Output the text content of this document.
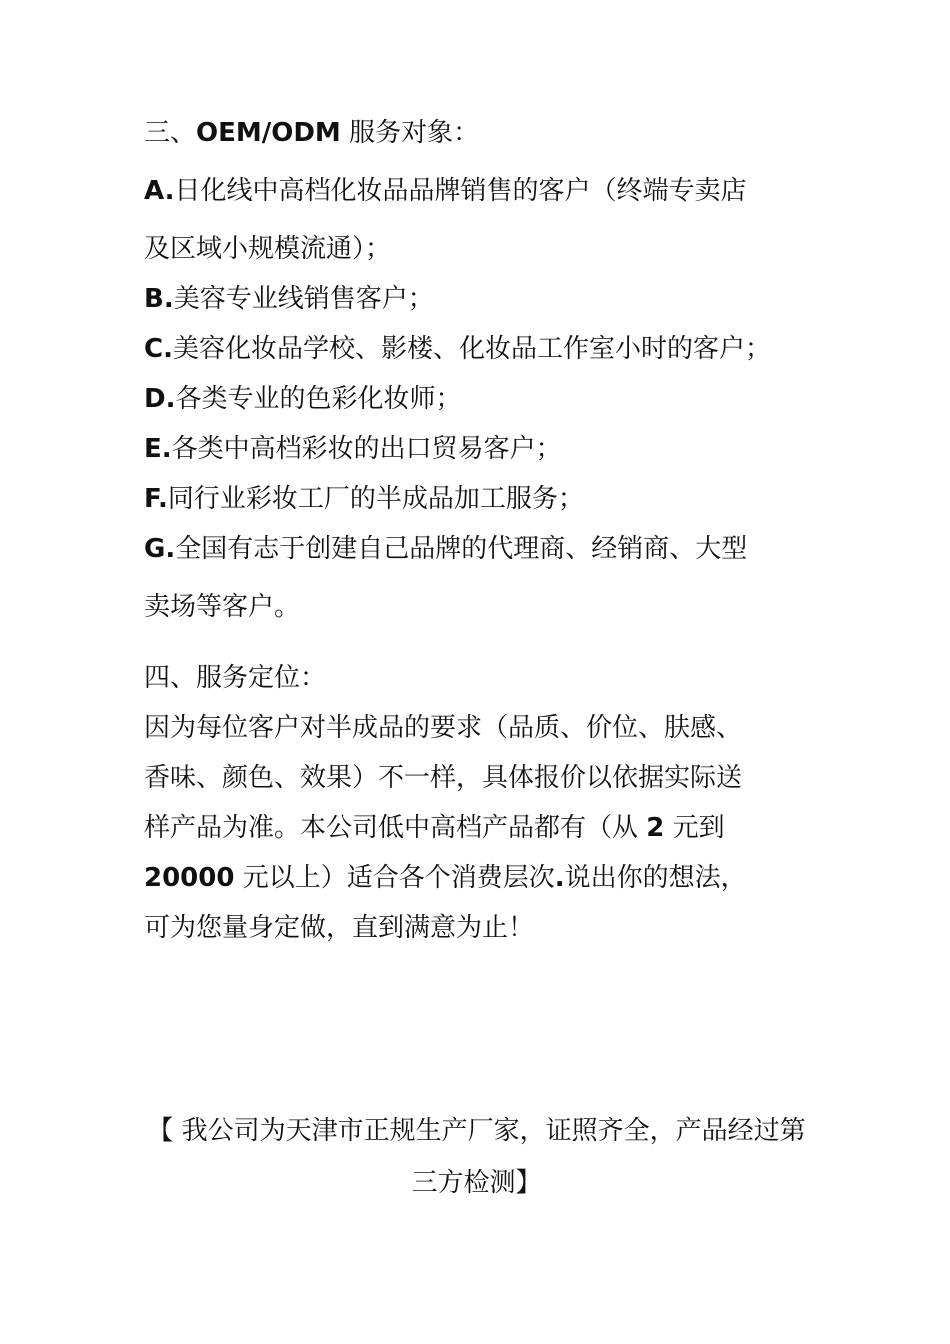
三、OEM/ODM 服务对象：
A.日化线中高档化妆品品牌销售的客户（终端专卖店
及区域小规模流通）；
B.美容专业线销售客户；
C.美容化妆品学校、影楼、化妆品工作室小时的客户；
D.各类专业的色彩化妆师；
E.各类中高档彩妆的出口贸易客户；
F.同行业彩妆工厂的半成品加工服务；
G.全国有志于创建自己品牌的代理商、经销商、大型
卖场等客户。
四、服务定位：
因为每位客户对半成品的要求（品质、价位、肤感、
香味、颜色、效果）不一样，具体报价以依据实际送
样产品为准。本公司低中高档产品都有（从 2 元到
20000 元以上）适合各个消费层次.说出你的想法，
可为您量身定做，直到满意为止！
【 我公司为天津市正规生产厂家，证照齐全，产品经过第
三方检测】
